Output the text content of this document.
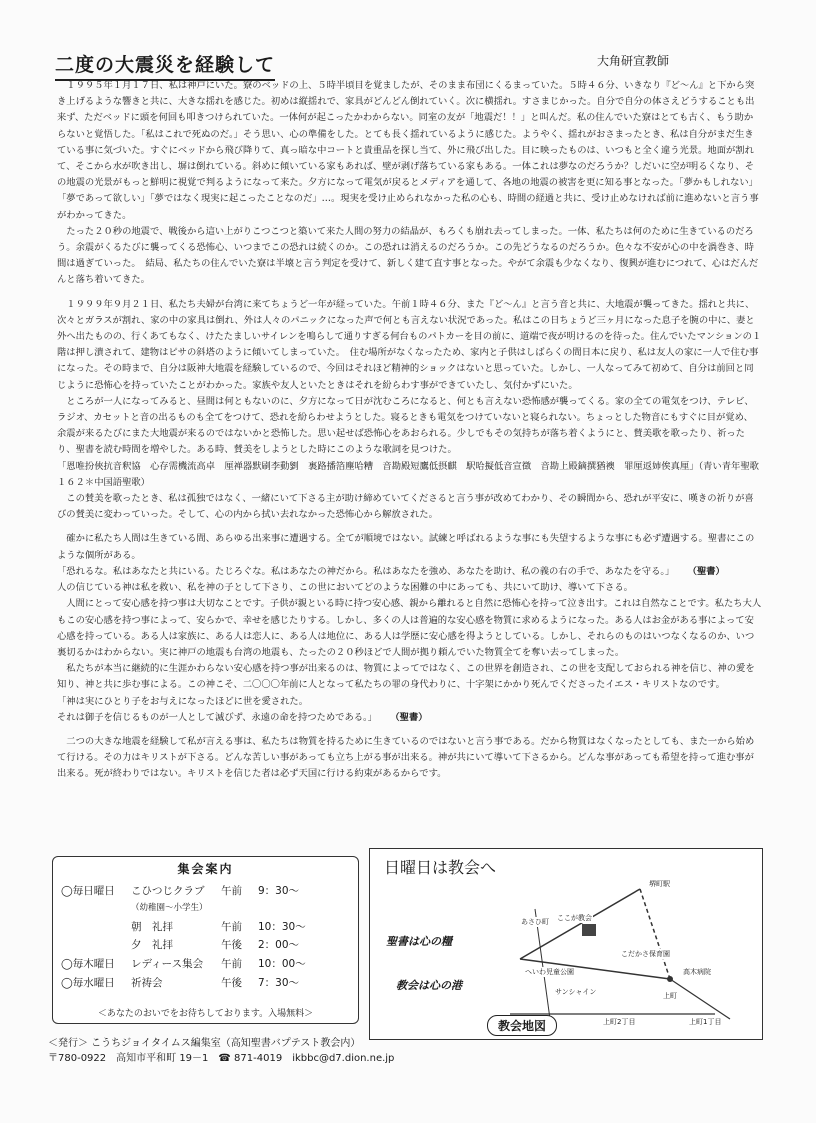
二度の大震災を経験して	大角研宣教師

１９９５年１月１７日、私は神戸にいた。寮のベッドの上、５時半頃目を覚ましたが、そのまま布団にくるまっていた。５時４６分、いきなり『ど～ん』と下から突き上げるような響きと共に、大きな揺れを感じた。初めは縦揺れで、家具がどんどん倒れていく。次に横揺れ。すさまじかった。自分で自分の体さえどうすることも出来ず、ただベッドに頭を何回も叩きつけられていた。一体何が起こったかわからない。同室の友が「地震だ！！」と叫んだ。私の住んでいた寮はとても古く、もう助からないと覚悟した。「私はこれで死ぬのだ。」そう思い、心の準備をした。とても長く揺れているように感じた。ようやく、揺れがおさまったとき、私は自分がまだ生きている事に気づいた。すぐにベッドから飛び降りて、真っ暗な中コートと貴重品を探し当て、外に飛び出した。目に映ったものは、いつもと全く違う光景。地面が割れて、そこから水が吹き出し、塀は倒れている。斜めに傾いている家もあれば、壁が剥げ落ちている家もある。一体これは夢なのだろうか？しだいに空が明るくなり、その地震の光景がもっと鮮明に視覚で判るようになって来た。夕方になって電気が戻るとメディアを通して、各地の地震の被害を更に知る事となった。「夢かもしれない」「夢であって欲しい」「夢ではなく現実に起こったことなのだ」…。現実を受け止められなかった私の心も、時間の経過と共に、受け止めなければ前に進めないと言う事がわかってきた。

たった２０秒の地震で、戦後から這い上がりこつこつと築いて来た人間の努力の結晶が、もろくも崩れ去ってしまった。一体、私たちは何のために生きているのだろう。余震がくるたびに襲ってくる恐怖心、いつまでこの恐れは続くのか。この恐れは消えるのだろうか。この先どうなるのだろうか。色々な不安が心の中を渦巻き、時間は過ぎていった。　結局、私たちの住んでいた寮は半壊と言う判定を受けて、新しく建て直す事となった。やがて余震も少なくなり、復興が進むにつれて、心はだんだんと落ち着いてきた。

１９９９年９月２１日、私たち夫婦が台湾に来てちょうど一年が経っていた。午前１時４６分、また『ど～ん』と言う音と共に、大地震が襲ってきた。揺れと共に、次々とガラスが割れ、家の中の家具は倒れ、外は人々のパニックになった声で何とも言えない状況であった。私はこの日ちょうど三ヶ月になった息子を腕の中に、妻と外へ出たものの、行くあてもなく、けたたましいサイレンを鳴らして通りすぎる何台ものパトカーを目の前に、道端で夜が明けるのを待った。住んでいたマンションの１階は押し潰されて、建物はピサの斜塔のように傾いてしまっていた。　住む場所がなくなったため、家内と子供はしばらくの間日本に戻り、私は友人の家に一人で住む事になった。その時まで、自分は阪神大地震を経験しているので、今回はそれほど精神的ショックはないと思っていた。しかし、一人なってみて初めて、自分は前回と同じように恐怖心を持っていたことがわかった。家族や友人といたときはそれを紛らわす事ができていたし、気付かずにいた。

ところが一人になってみると、昼間は何ともないのに、夕方になって日が沈むころになると、何とも言えない恐怖感が襲ってくる。家の全ての電気をつけ、テレビ、ラジオ、カセットと音の出るものも全てをつけて、恐れを紛らわせようとした。寝るときも電気をつけていないと寝られない。ちょっとした物音にもすぐに目が覚め、余震が来るたびにまた大地震が来るのではないかと恐怖した。思い起せば恐怖心をあおられる。少しでもその気持ちが落ち着くようにと、賛美歌を歌ったり、祈ったり、聖書を読む時間を増やした。ある時、賛美をしようとした時にこのような歌詞を見つけた。

「恩唯扮俠抗音釈協　心存需機流高卓　厘禅器默刷李動劉　裏路播箔塵哈糟　音勘殿短鷹低摂麒　駅哈擬低音宣徴　音勘上殿鏑撰猶襖　罪厘返姉俟真厘」（青い青年聖歌１６２＊中国語聖歌）

この賛美を歌ったとき、私は孤独ではなく、一緒にいて下さる主が助け締めていてくださると言う事が改めてわかり、その瞬間から、恐れが平安に、嘆きの祈りが喜びの賛美に変わっていった。そして、心の内から拭い去れなかった恐怖心から解放された。

確かに私たち人間は生きている間、あらゆる出来事に遭遇する。全てが順境ではない。試練と呼ばれるような事にも失望するような事にも必ず遭遇する。聖書にこのような個所がある。

「恐れるな。私はあなたと共にいる。たじろぐな。私はあなたの神だから。私はあなたを強め、あなたを助け、私の義の右の手で、あなたを守る。」 （聖書）

人の信じている神は私を救い、私を神の子として下さり、この世においてどのような困難の中にあっても、共にいて助け、導いて下さる。

人間にとって安心感を持つ事は大切なことです。子供が親といる時に持つ安心感、親から離れると自然に恐怖心を持って泣き出す。これは自然なことです。私たち大人もこの安心感を持つ事によって、安らかで、幸せを感じたりする。しかし、多くの人は普遍的な安心感を物質に求めるようになった。ある人はお金がある事によって安心感を持っている。ある人は家族に、ある人は恋人に、ある人は地位に、ある人は学歴に安心感を得ようとしている。しかし、それらのものはいつなくなるのか、いつ裏切るかはわからない。実に神戸の地震も台湾の地震も、たったの２０秒ほどで人間が拠り頼んでいた物質全てを奪い去ってしまった。

私たちが本当に継続的に生涯かわらない安心感を持つ事が出来るのは、物質によってではなく、この世界を創造され、この世を支配しておられる神を信じ、神の愛を知り、神と共に歩む事による。この神こそ、二〇〇〇年前に人となって私たちの罪の身代わりに、十字架にかかり死んでくださったイエス・キリストなのです。

「神は実にひとり子をお与えになったほどに世を愛された。

それは御子を信じるものが一人として滅びず、永遠の命を持つためである。」 （聖書）

二つの大きな地震を経験して私が言える事は、私たちは物質を持るために生きているのではないと言う事である。だから物質はなくなったとしても、また一から始めて行ける。その力はキリストが下さる。どんな苦しい事があっても立ち上がる事が出来る。神が共にいて導いて下さるから。どんな事があっても希望を持って進む事が出来る。死が終わりではない。キリストを信じた者は必ず天国に行ける約束があるからです。

集会案内
◯毎日曜日 こひつじクラブ 午前 9：30～
（幼稚園～小学生）
朝　礼拝	午前 10：30～
夕　礼拝	午後 2：00～
◯毎木曜日 レディース集会 午前 10：00～
◯毎水曜日 祈祷会	午後 7：30～
＜あなたのおいでをお待ちしております。入場無料＞
日曜日は教会へ
聖書は心の糧
教会は心の港
堺町駅
あさひ町 ここが教会
こだかさ保育園
へいわ児童公園	高木病院
サンシャイン	上町
上町2丁目	上町1丁目
教会地図
＜発行＞ こうちジョイタイムス編集室（高知聖書バプテスト教会内）
〒780-0922　高知市平和町 19－1　☎ 871-4019　ikbbc@d7.dion.ne.jp
